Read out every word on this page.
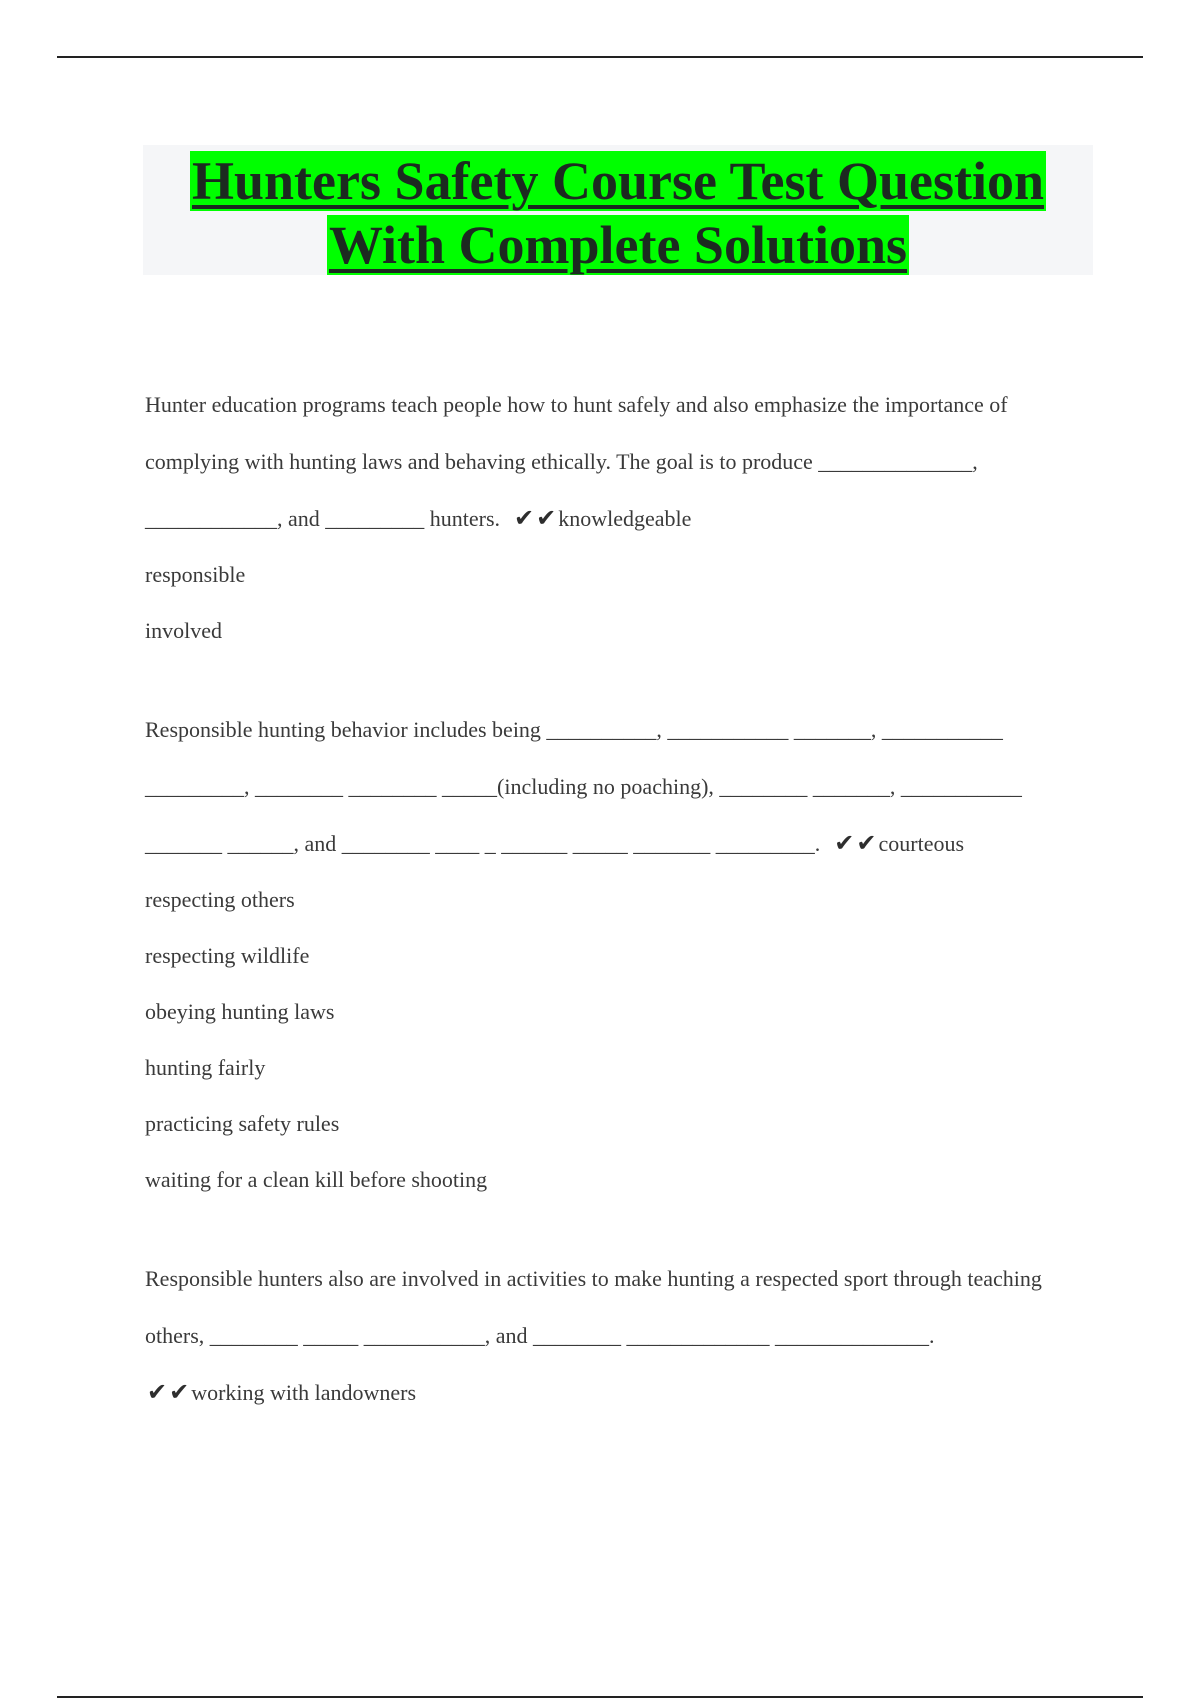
Hunters Safety Course Test Question
With Complete Solutions

Hunter education programs teach people how to hunt safely and also emphasize the importance of complying with hunting laws and behaving ethically. The goal is to produce ______________, ____________, and _________ hunters. ✔✔knowledgeable

responsible

involved

Responsible hunting behavior includes being __________, ___________ _______, ___________ _________, ________ ________ _____(including no poaching), ________ _______, ___________ _______ ______, and ________ ____ _ ______ _____ _______ _________. ✔✔courteous

respecting others

respecting wildlife

obeying hunting laws

hunting fairly

practicing safety rules

waiting for a clean kill before shooting

Responsible hunters also are involved in activities to make hunting a respected sport through teaching others, ________ _____ ___________, and ________ _____________ ______________.

✔✔working with landowners
